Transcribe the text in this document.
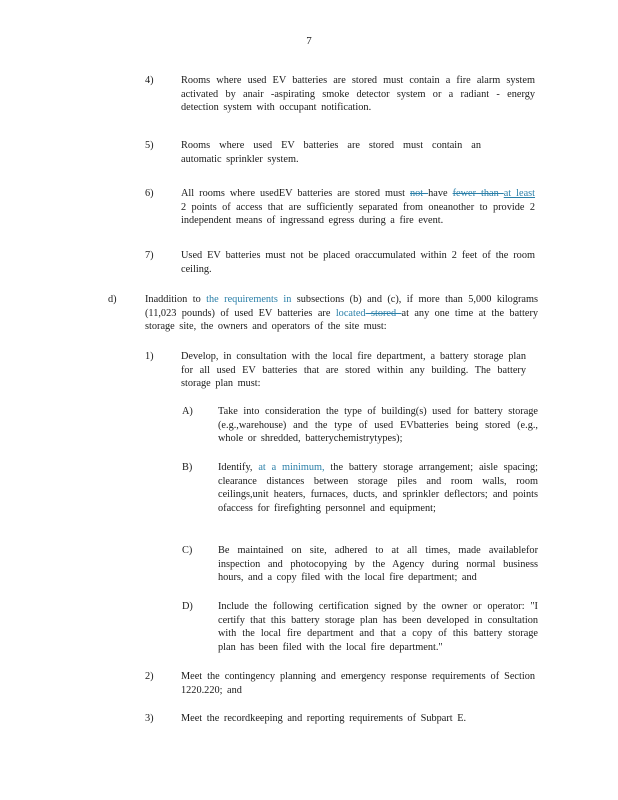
7
4)	Rooms where used EV batteries are stored must contain a fire alarm system activated by anair -aspirating smoke detector system or a radiant - energy detection system with occupant notification.
5)	Rooms where used EV batteries are stored must contain an automatic sprinkler system.
6)	All rooms where usedEV batteries are stored must not have fewer than at least 2 points of access that are sufficiently separated from oneanother to provide 2 independent means of ingressand egress during a fire event.
7)	Used EV batteries must not be placed oraccumulated within 2 feet of the room ceiling.
d)	Inaddition to the requirements in subsections (b) and (c), if more than 5,000 kilograms (11,023 pounds) of used EV batteries are located stored at any one time at the battery storage site, the owners and operators of the site must:
1)	Develop, in consultation with the local fire department, a battery storage plan for all used EV batteries that are stored within any building. The battery storage plan must:
A) Take into consideration the type of building(s) used for battery storage (e.g.,warehouse) and the type of used EVbatteries being stored (e.g., whole or shredded, batterychemistrytypes);
B) Identify, at a minimum, the battery storage arrangement; aisle spacing; clearance distances between storage piles and room walls, room ceilings,unit heaters, furnaces, ducts, and sprinkler deflectors; and points ofaccess for firefighting personnel and equipment;
C) Be maintained on site, adhered to at all times, made availablefor inspection and photocopying by the Agency during normal business hours, and a copy filed with the local fire department; and
D) Include the following certification signed by the owner or operator: "I certify that this battery storage plan has been developed in consultation with the local fire department and that a copy of this battery storage plan has been filed with the local fire department."
2)	Meet the contingency planning and emergency response requirements of Section 1220.220; and
3)	Meet the recordkeeping and reporting requirements of Subpart E.
